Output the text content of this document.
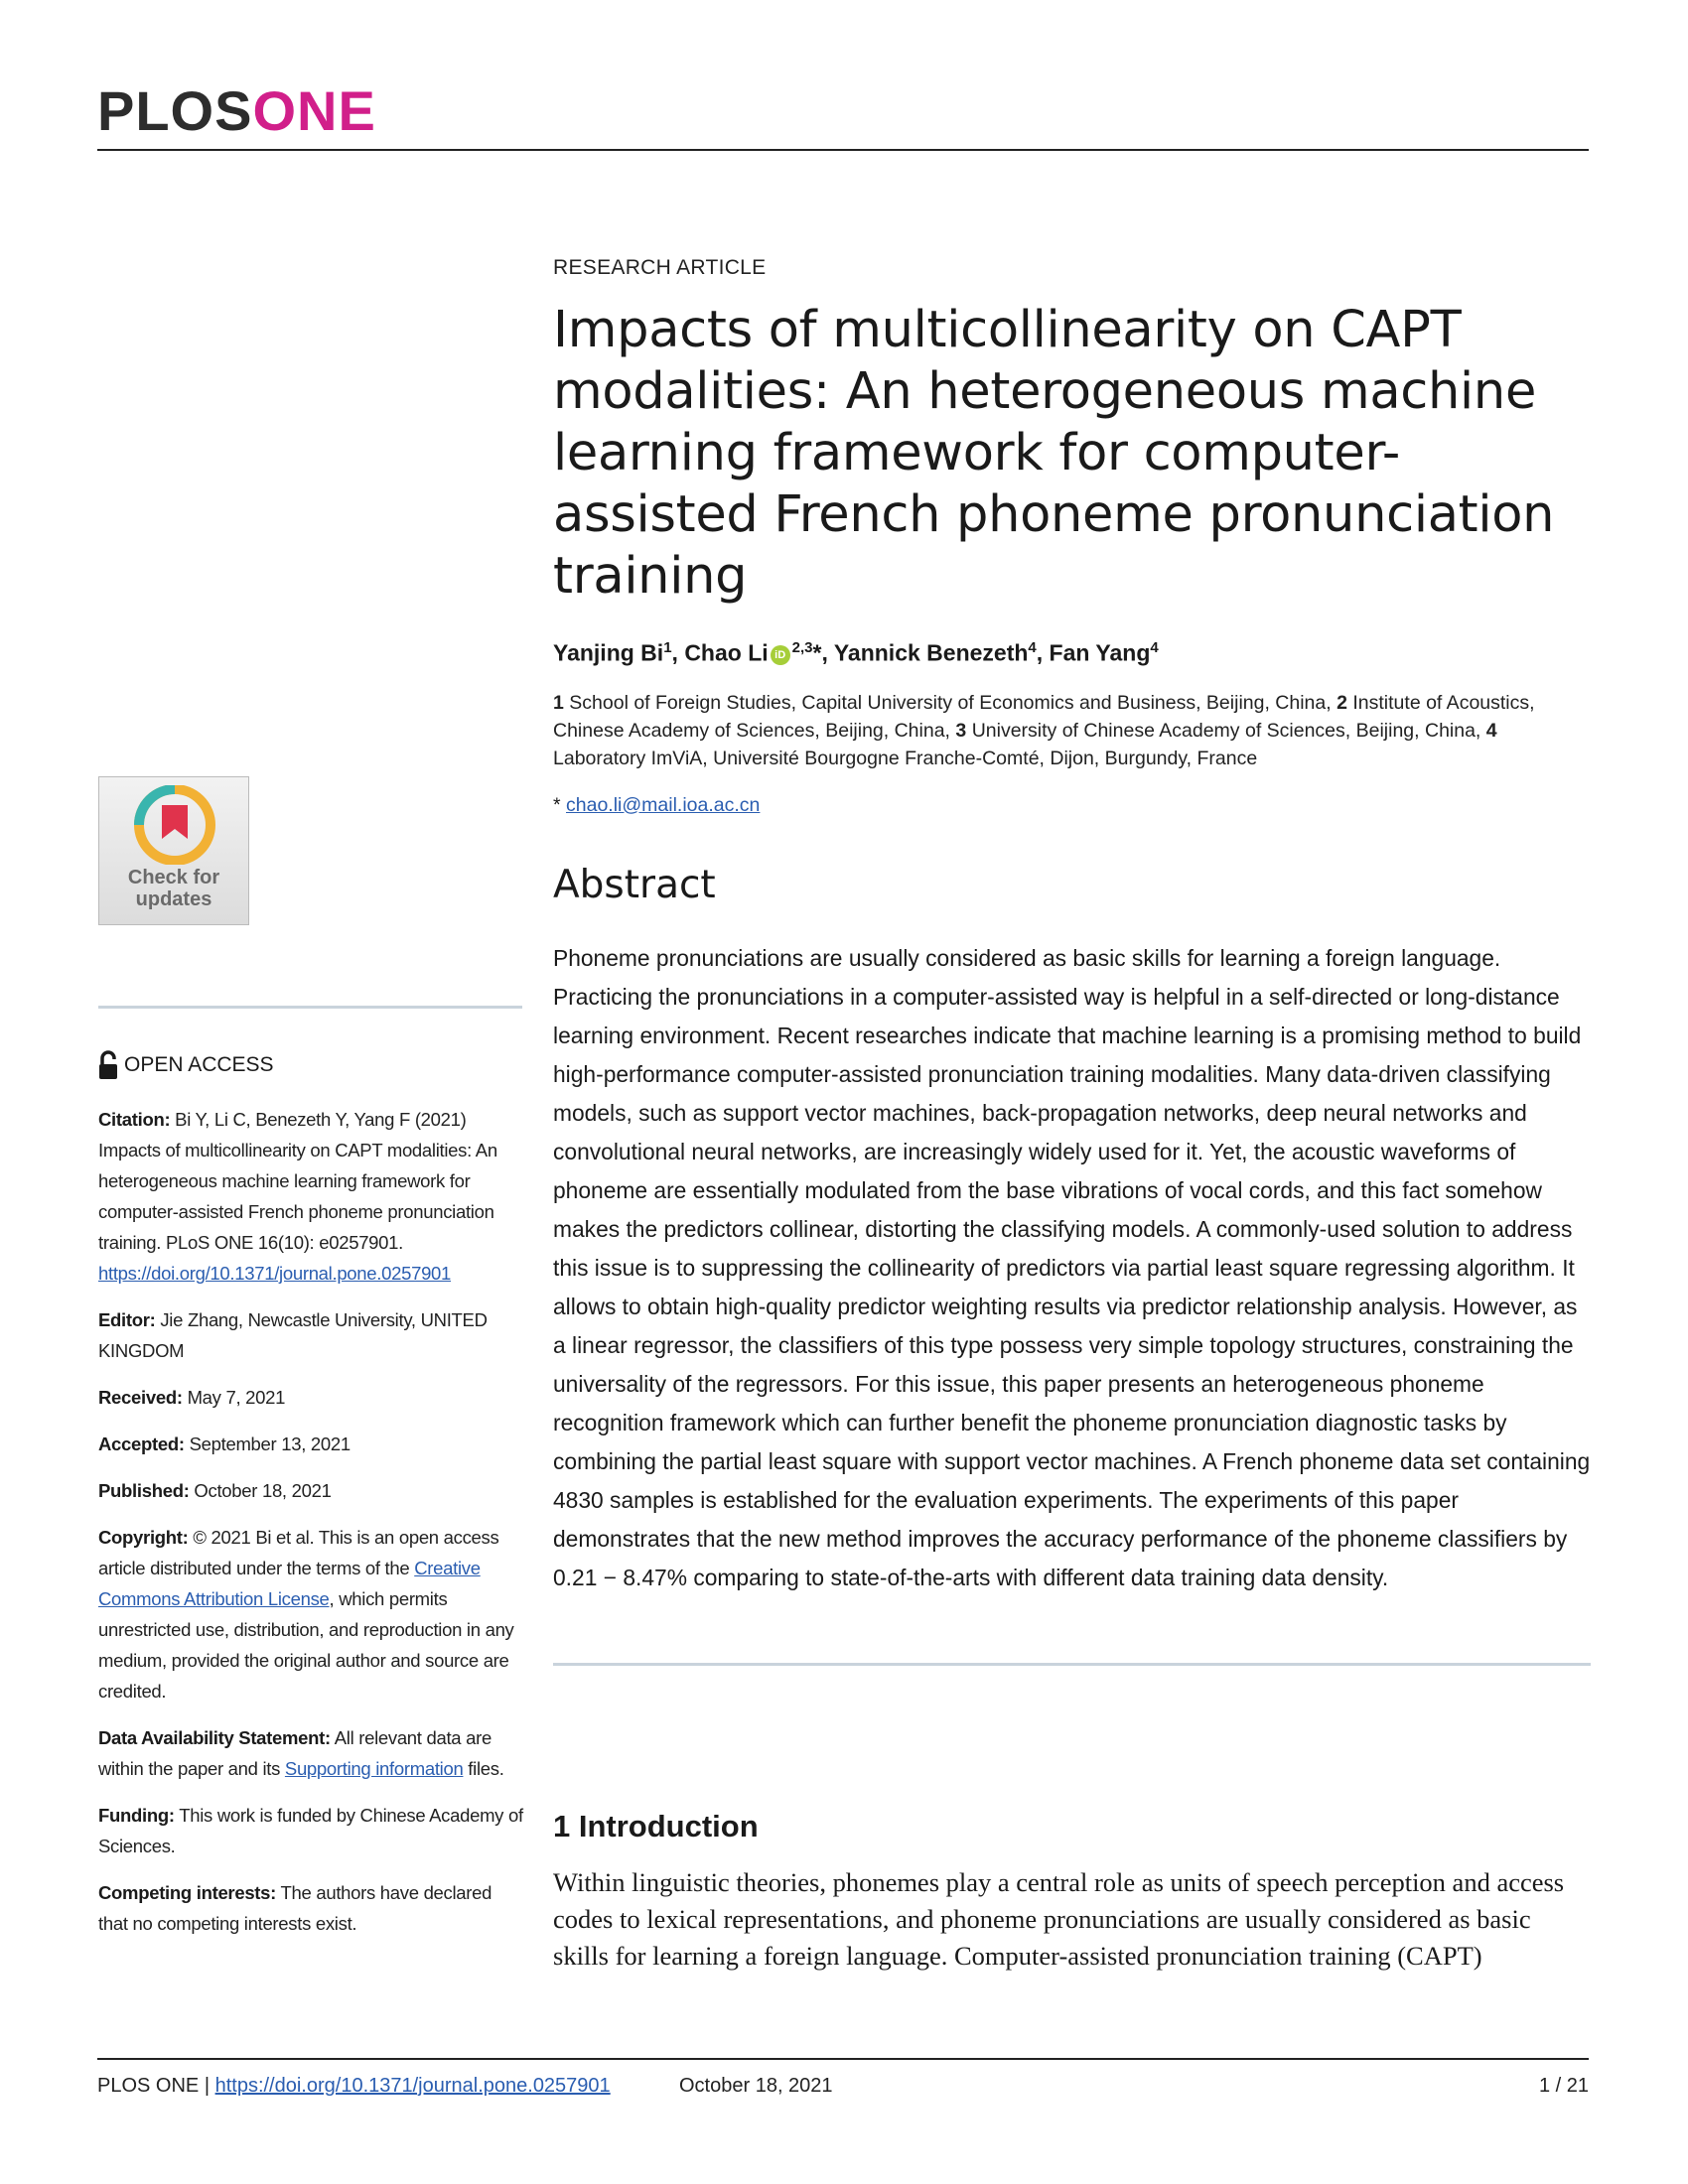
PLOSONE
Check for
updates
OPEN ACCESS

Citation: Bi Y, Li C, Benezeth Y, Yang F (2021) Impacts of multicollinearity on CAPT modalities: An heterogeneous machine learning framework for computer-assisted French phoneme pronunciation training. PLoS ONE 16(10): e0257901. https://doi.org/10.1371/journal.pone.0257901

Editor: Jie Zhang, Newcastle University, UNITED KINGDOM

Received: May 7, 2021

Accepted: September 13, 2021

Published: October 18, 2021

Copyright: © 2021 Bi et al. This is an open access article distributed under the terms of the Creative Commons Attribution License, which permits unrestricted use, distribution, and reproduction in any medium, provided the original author and source are credited.

Data Availability Statement: All relevant data are within the paper and its Supporting information files.

Funding: This work is funded by Chinese Academy of Sciences.

Competing interests: The authors have declared that no competing interests exist.

RESEARCH ARTICLE
Impacts of multicollinearity on CAPT modalities: An heterogeneous machine learning framework for computer-assisted French phoneme pronunciation training
Yanjing Bi$^1$, Chao Li iD $^{2,3}$*, Yannick Benezeth$^4$, Fan Yang$^4$
1 School of Foreign Studies, Capital University of Economics and Business, Beijing, China, 2 Institute of Acoustics, Chinese Academy of Sciences, Beijing, China, 3 University of Chinese Academy of Sciences, Beijing, China, 4 Laboratory ImViA, Université Bourgogne Franche-Comté, Dijon, Burgundy, France
* chao.li@mail.ioa.ac.cn
Abstract
Phoneme pronunciations are usually considered as basic skills for learning a foreign language. Practicing the pronunciations in a computer-assisted way is helpful in a self-directed or long-distance learning environment. Recent researches indicate that machine learning is a promising method to build high-performance computer-assisted pronunciation training modalities. Many data-driven classifying models, such as support vector machines, back-propagation networks, deep neural networks and convolutional neural networks, are increasingly widely used for it. Yet, the acoustic waveforms of phoneme are essentially modulated from the base vibrations of vocal cords, and this fact somehow makes the predictors collinear, distorting the classifying models. A commonly-used solution to address this issue is to suppressing the collinearity of predictors via partial least square regressing algorithm. It allows to obtain high-quality predictor weighting results via predictor relationship analysis. However, as a linear regressor, the classifiers of this type possess very simple topology structures, constraining the universality of the regressors. For this issue, this paper presents an heterogeneous phoneme recognition framework which can further benefit the phoneme pronunciation diagnostic tasks by combining the partial least square with support vector machines. A French phoneme data set containing 4830 samples is established for the evaluation experiments. The experiments of this paper demonstrates that the new method improves the accuracy performance of the phoneme classifiers by 0.21 − 8.47% comparing to state-of-the-arts with different data training data density.
1 Introduction
Within linguistic theories, phonemes play a central role as units of speech perception and access codes to lexical representations, and phoneme pronunciations are usually considered as basic skills for learning a foreign language. Computer-assisted pronunciation training (CAPT)
PLOS ONE | https://doi.org/10.1371/journal.pone.0257901	October 18, 2021	1 / 21
